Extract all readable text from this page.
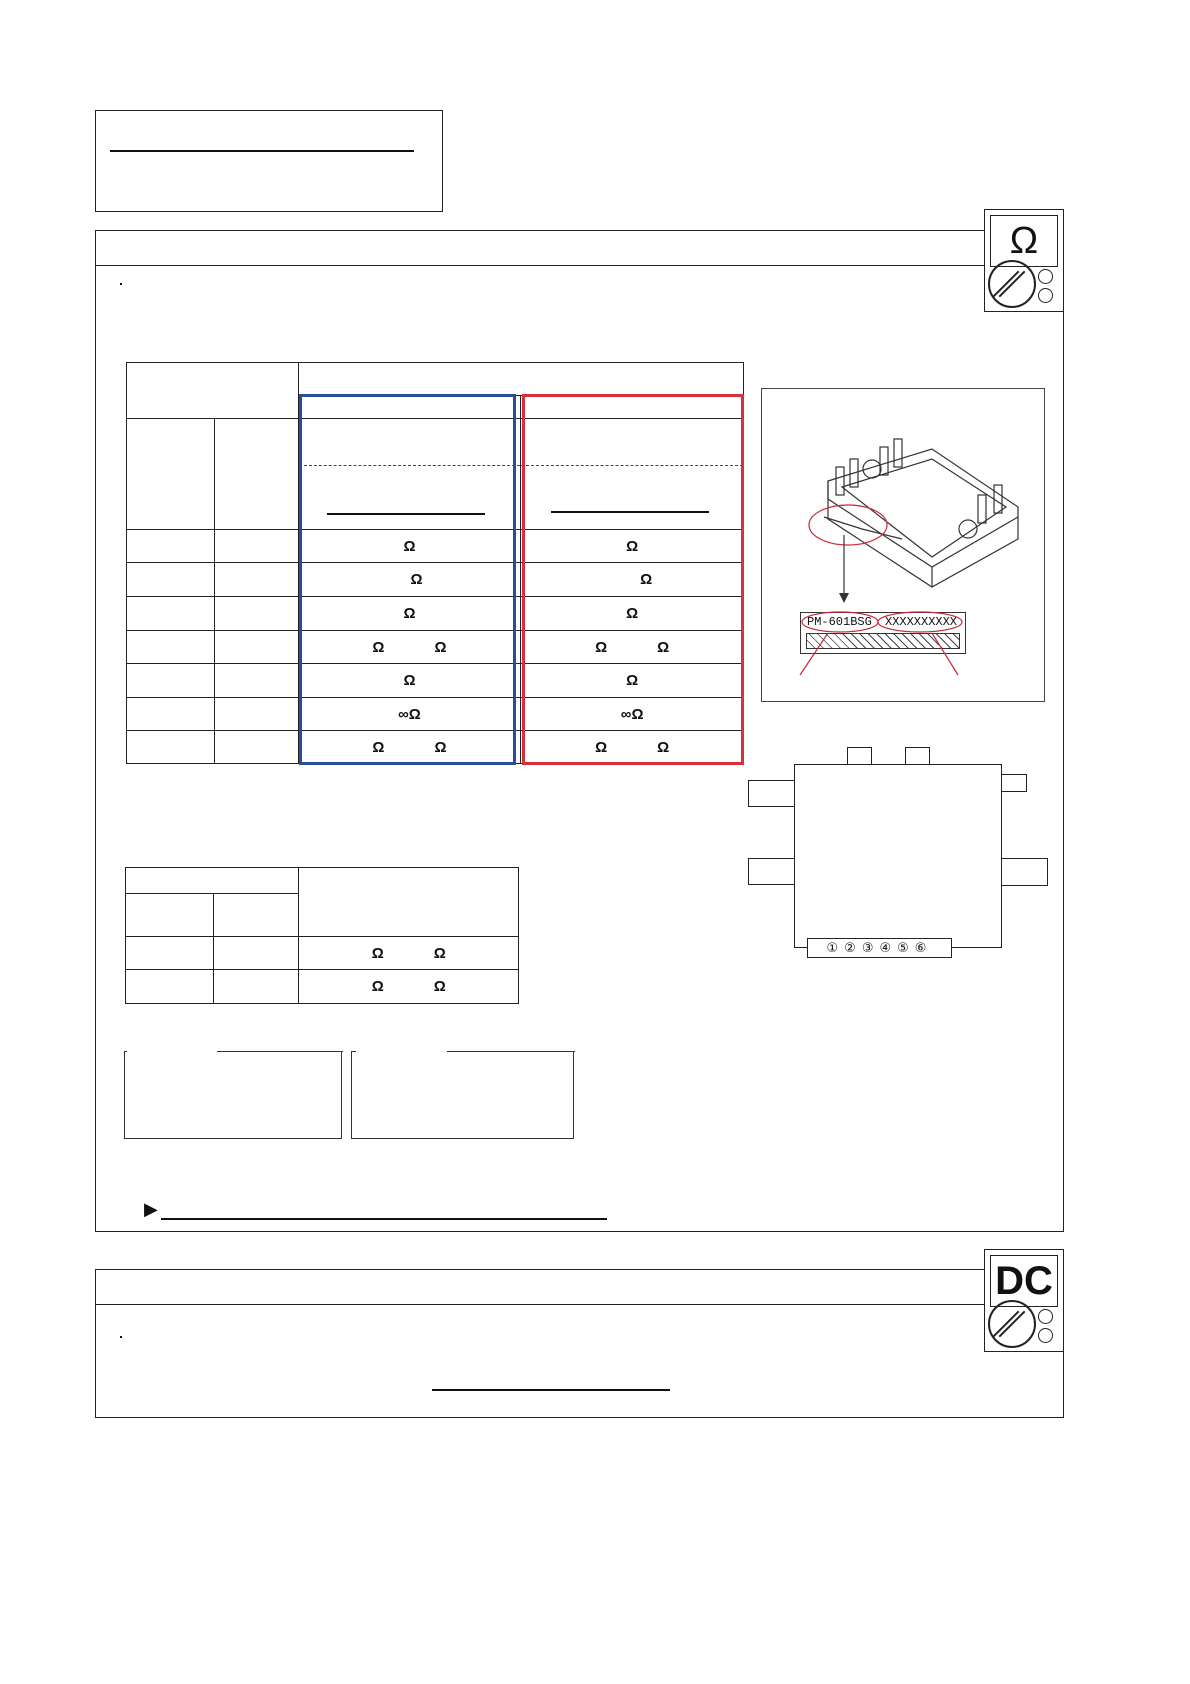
Ω

		Ω	Ω
		Ω	Ω
		Ω	Ω
		Ω            Ω	Ω            Ω
		Ω	Ω
		∞Ω	∞Ω
		Ω            Ω	Ω            Ω
PM-601BSG XXXXXXXXXX
①②③④⑤⑥

		Ω            Ω
		Ω            Ω
▶
DC
